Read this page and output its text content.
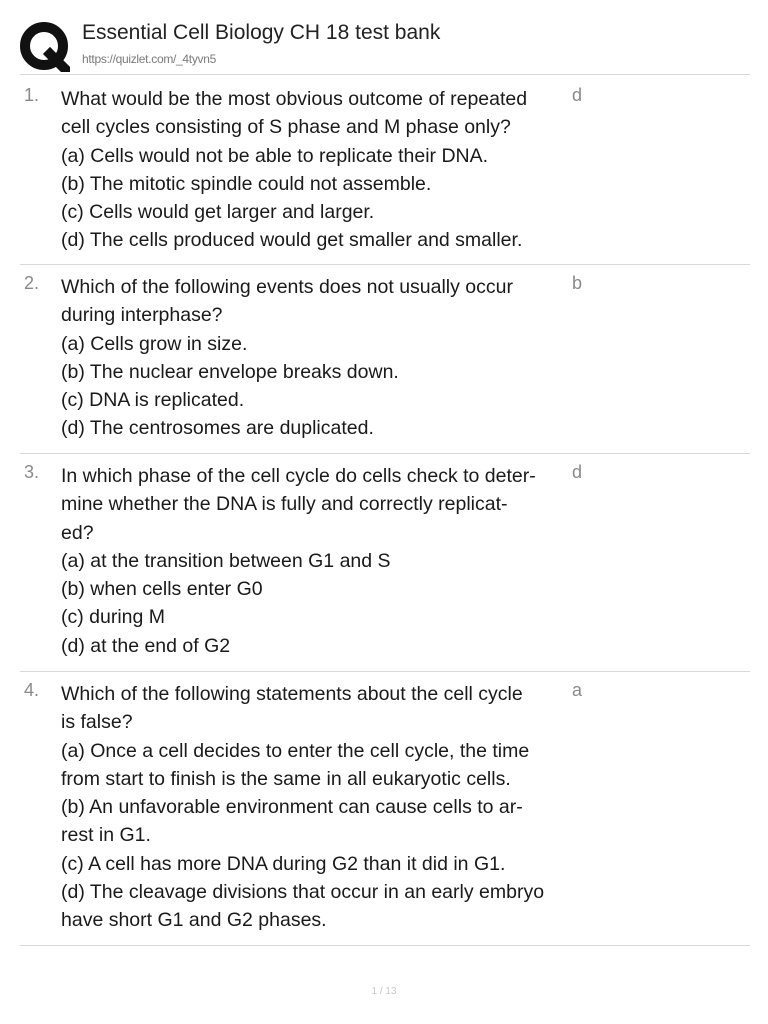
Essential Cell Biology CH 18 test bank
https://quizlet.com/_4tyvn5
1. What would be the most obvious outcome of repeated
cell cycles consisting of S phase and M phase only?
(a) Cells would not be able to replicate their DNA.
(b) The mitotic spindle could not assemble.
(c) Cells would get larger and larger.
(d) The cells produced would get smaller and smaller.
d
2. Which of the following events does not usually occur
during interphase?
(a) Cells grow in size.
(b) The nuclear envelope breaks down.
(c) DNA is replicated.
(d) The centrosomes are duplicated.
b
3. In which phase of the cell cycle do cells check to deter-
mine whether the DNA is fully and correctly replicat-
ed?
(a) at the transition between G1 and S
(b) when cells enter G0
(c) during M
(d) at the end of G2
d
4. Which of the following statements about the cell cycle
is false?
(a) Once a cell decides to enter the cell cycle, the time
from start to finish is the same in all eukaryotic cells.
(b) An unfavorable environment can cause cells to ar-
rest in G1.
(c) A cell has more DNA during G2 than it did in G1.
(d) The cleavage divisions that occur in an early embryo
have short G1 and G2 phases.
a
1 / 13
